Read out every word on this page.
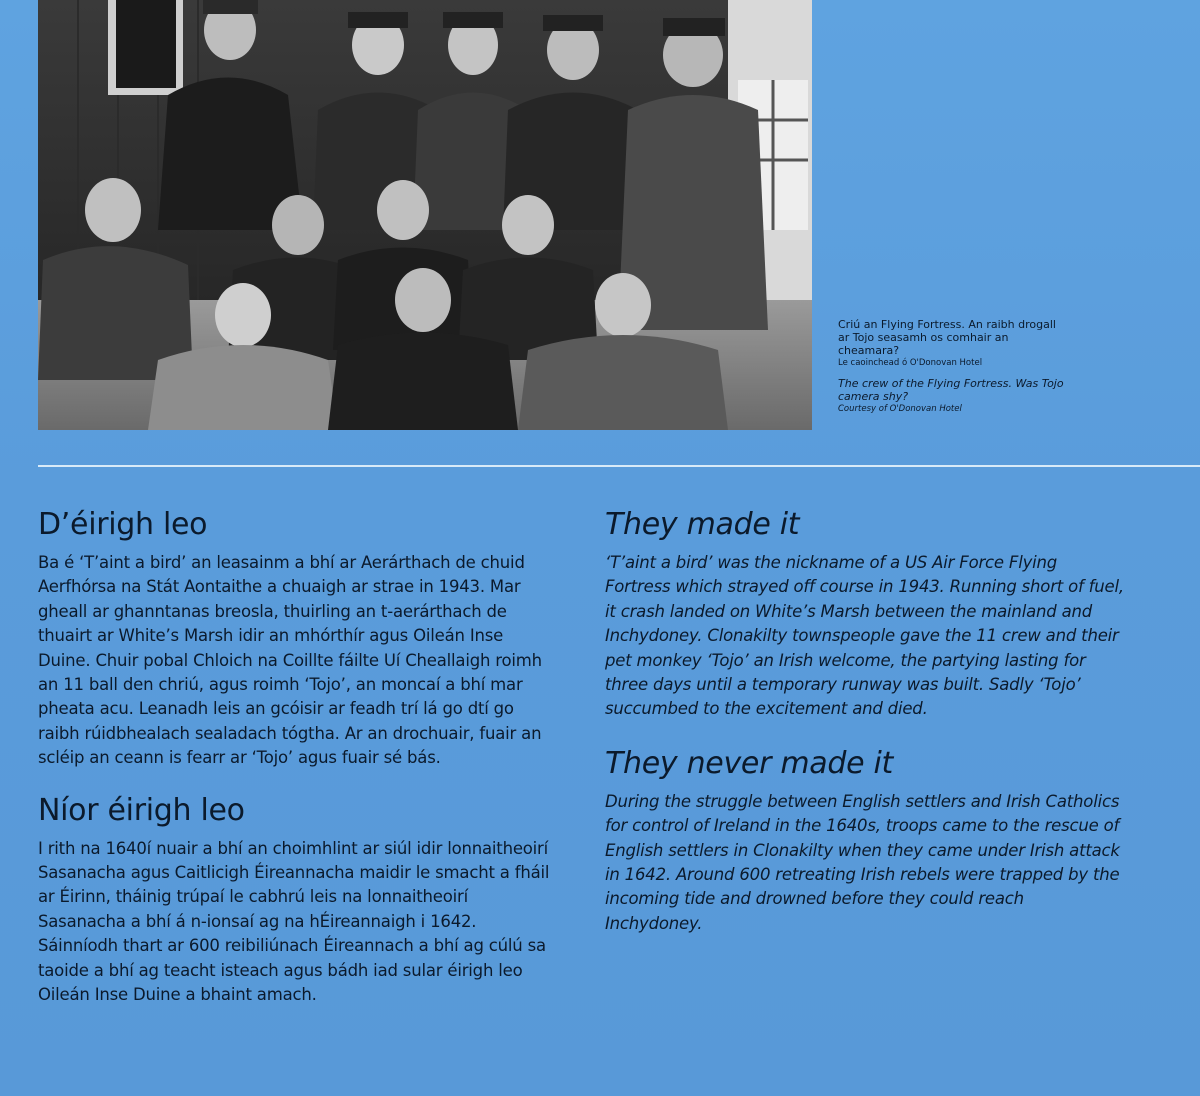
Criú an Flying Fortress. An raibh drogall ar Tojo seasamh os comhair an cheamara?
Le caoinchead ó O'Donovan Hotel
The crew of the Flying Fortress. Was Tojo camera shy?
Courtesy of O'Donovan Hotel
D’éirigh leo

Ba é ‘T’aint a bird’ an leasainm a bhí ar Aerárthach de chuid Aerfhórsa na Stát Aontaithe a chuaigh ar strae in 1943. Mar gheall ar ghanntanas breosla, thuirling an t-aerárthach de thuairt ar White’s Marsh idir an mhórthír agus Oileán Inse Duine. Chuir pobal Chloich na Coillte fáilte Uí Cheallaigh roimh an 11 ball den chriú, agus roimh ‘Tojo’, an moncaí a bhí mar pheata acu. Leanadh leis an gcóisir ar feadh trí lá go dtí go raibh rúidbhealach sealadach tógtha. Ar an drochuair, fuair an scléip an ceann is fearr ar ‘Tojo’ agus fuair sé bás.

Níor éirigh leo

I rith na 1640í nuair a bhí an choimhlint ar siúl idir lonnaitheoirí Sasanacha agus Caitlicigh Éireannacha maidir le smacht a fháil ar Éirinn, tháinig trúpaí le cabhrú leis na lonnaitheoirí Sasanacha a bhí á n-ionsaí ag na hÉireannaigh i 1642. Sáinníodh thart ar 600 reibiliúnach Éireannach a bhí ag cúlú sa taoide a bhí ag teacht isteach agus bádh iad sular éirigh leo Oileán Inse Duine a bhaint amach.

They made it

‘T’aint a bird’ was the nickname of a US Air Force Flying Fortress which strayed off course in 1943. Running short of fuel, it crash landed on White’s Marsh between the mainland and Inchydoney. Clonakilty townspeople gave the 11 crew and their pet monkey ‘Tojo’ an Irish welcome, the partying lasting for three days until a temporary runway was built. Sadly ‘Tojo’ succumbed to the excitement and died.

They never made it

During the struggle between English settlers and Irish Catholics for control of Ireland in the 1640s, troops came to the rescue of English settlers in Clonakilty when they came under Irish attack in 1642. Around 600 retreating Irish rebels were trapped by the incoming tide and drowned before they could reach Inchydoney.
